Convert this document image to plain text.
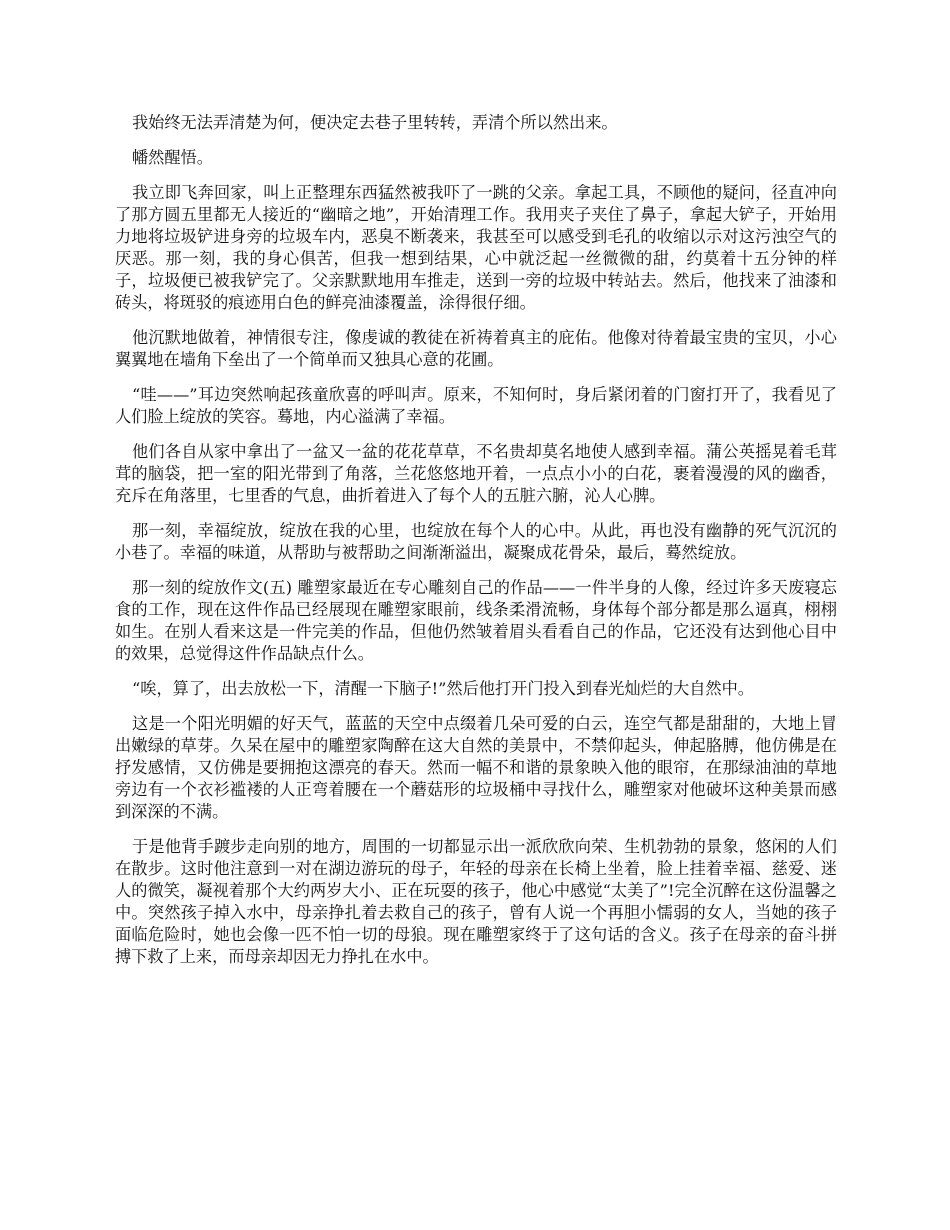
我始终无法弄清楚为何，便决定去巷子里转转，弄清个所以然出来。

幡然醒悟。

我立即飞奔回家，叫上正整理东西猛然被我吓了一跳的父亲。拿起工具，不顾他的疑问，径直冲向了那方圆五里都无人接近的“幽暗之地”，开始清理工作。我用夹子夹住了鼻子，拿起大铲子，开始用力地将垃圾铲进身旁的垃圾车内，恶臭不断袭来，我甚至可以感受到毛孔的收缩以示对这污浊空气的厌恶。那一刻，我的身心俱苦，但我一想到结果，心中就泛起一丝微微的甜，约莫着十五分钟的样子，垃圾便已被我铲完了。父亲默默地用车推走，送到一旁的垃圾中转站去。然后，他找来了油漆和砖头，将斑驳的痕迹用白色的鲜亮油漆覆盖，涂得很仔细。

他沉默地做着，神情很专注，像虔诚的教徒在祈祷着真主的庇佑。他像对待着最宝贵的宝贝，小心翼翼地在墙角下垒出了一个简单而又独具心意的花圃。

“哇——”耳边突然响起孩童欣喜的呼叫声。原来，不知何时，身后紧闭着的门窗打开了，我看见了人们脸上绽放的笑容。蓦地，内心溢满了幸福。

他们各自从家中拿出了一盆又一盆的花花草草，不名贵却莫名地使人感到幸福。蒲公英摇晃着毛茸茸的脑袋，把一室的阳光带到了角落，兰花悠悠地开着，一点点小小的白花，裹着漫漫的风的幽香，充斥在角落里，七里香的气息，曲折着进入了每个人的五脏六腑，沁人心脾。

那一刻，幸福绽放，绽放在我的心里，也绽放在每个人的心中。从此，再也没有幽静的死气沉沉的小巷了。幸福的味道，从帮助与被帮助之间渐渐溢出，凝聚成花骨朵，最后，蓦然绽放。

那一刻的绽放作文(五) 雕塑家最近在专心雕刻自己的作品——一件半身的人像，经过许多天废寝忘食的工作，现在这件作品已经展现在雕塑家眼前，线条柔滑流畅，身体每个部分都是那么逼真，栩栩如生。在别人看来这是一件完美的作品，但他仍然皱着眉头看看自己的作品，它还没有达到他心目中的效果，总觉得这件作品缺点什么。

“唉，算了，出去放松一下，清醒一下脑子!”然后他打开门投入到春光灿烂的大自然中。

这是一个阳光明媚的好天气，蓝蓝的天空中点缀着几朵可爱的白云，连空气都是甜甜的，大地上冒出嫩绿的草芽。久呆在屋中的雕塑家陶醉在这大自然的美景中，不禁仰起头，伸起胳膊，他仿佛是在抒发感情，又仿佛是要拥抱这漂亮的春天。然而一幅不和谐的景象映入他的眼帘，在那绿油油的草地旁边有一个衣衫褴褛的人正弯着腰在一个蘑菇形的垃圾桶中寻找什么，雕塑家对他破坏这种美景而感到深深的不满。

于是他背手踱步走向别的地方，周围的一切都显示出一派欣欣向荣、生机勃勃的景象，悠闲的人们在散步。这时他注意到一对在湖边游玩的母子，年轻的母亲在长椅上坐着，脸上挂着幸福、慈爱、迷人的微笑，凝视着那个大约两岁大小、正在玩耍的孩子，他心中感觉“太美了”!完全沉醉在这份温馨之中。突然孩子掉入水中，母亲挣扎着去救自己的孩子，曾有人说一个再胆小懦弱的女人，当她的孩子面临危险时，她也会像一匹不怕一切的母狼。现在雕塑家终于了这句话的含义。孩子在母亲的奋斗拼搏下救了上来，而母亲却因无力挣扎在水中。
